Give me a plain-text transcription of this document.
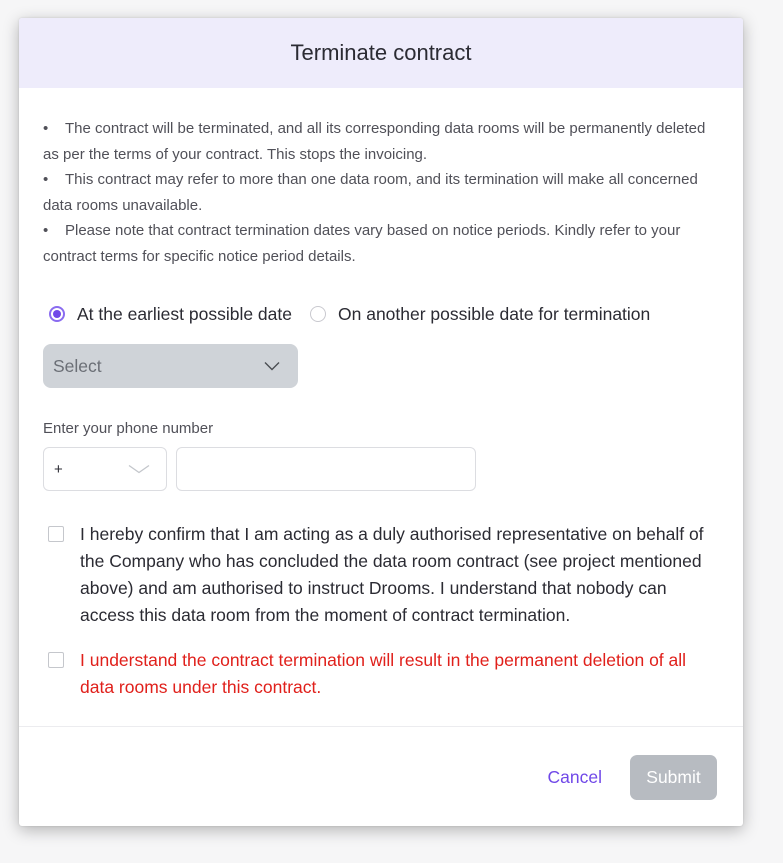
Terminate contract
• The contract will be terminated, and all its corresponding data rooms will be permanently deleted as per the terms of your contract. This stops the invoicing.
• This contract may refer to more than one data room, and its termination will make all concerned data rooms unavailable.
• Please note that contract termination dates vary based on notice periods. Kindly refer to your contract terms for specific notice period details.
At the earliest possible date	On another possible date for termination
Select
Enter your phone number
+
I hereby confirm that I am acting as a duly authorised representative on behalf of the Company who has concluded the data room contract (see project mentioned above) and am authorised to instruct Drooms. I understand that nobody can access this data room from the moment of contract termination.
I understand the contract termination will result in the permanent deletion of all data rooms under this contract.
Cancel	Submit
